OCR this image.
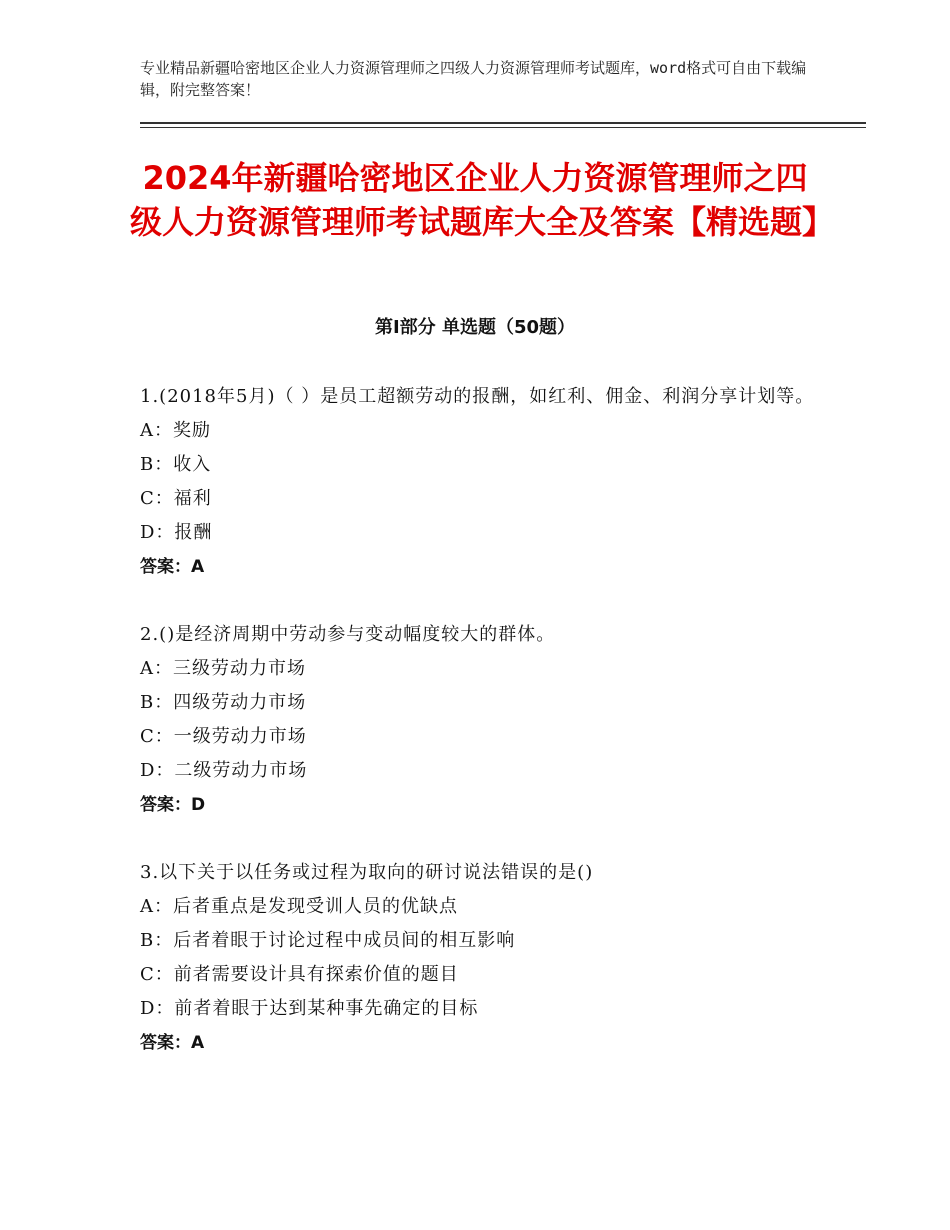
专业精品新疆哈密地区企业人力资源管理师之四级人力资源管理师考试题库，word格式可自由下载编辑，附完整答案！
2024年新疆哈密地区企业人力资源管理师之四级人力资源管理师考试题库大全及答案【精选题】
第Ⅰ部分 单选题（50题）
1.(2018年5月)（ ）是员工超额劳动的报酬，如红利、佣金、利润分享计划等。
A：奖励
B：收入
C：福利
D：报酬
答案：A
2.()是经济周期中劳动参与变动幅度较大的群体。
A：三级劳动力市场
B：四级劳动力市场
C：一级劳动力市场
D：二级劳动力市场
答案：D
3.以下关于以任务或过程为取向的研讨说法错误的是()
A：后者重点是发现受训人员的优缺点
B：后者着眼于讨论过程中成员间的相互影响
C：前者需要设计具有探索价值的题目
D：前者着眼于达到某种事先确定的目标
答案：A
